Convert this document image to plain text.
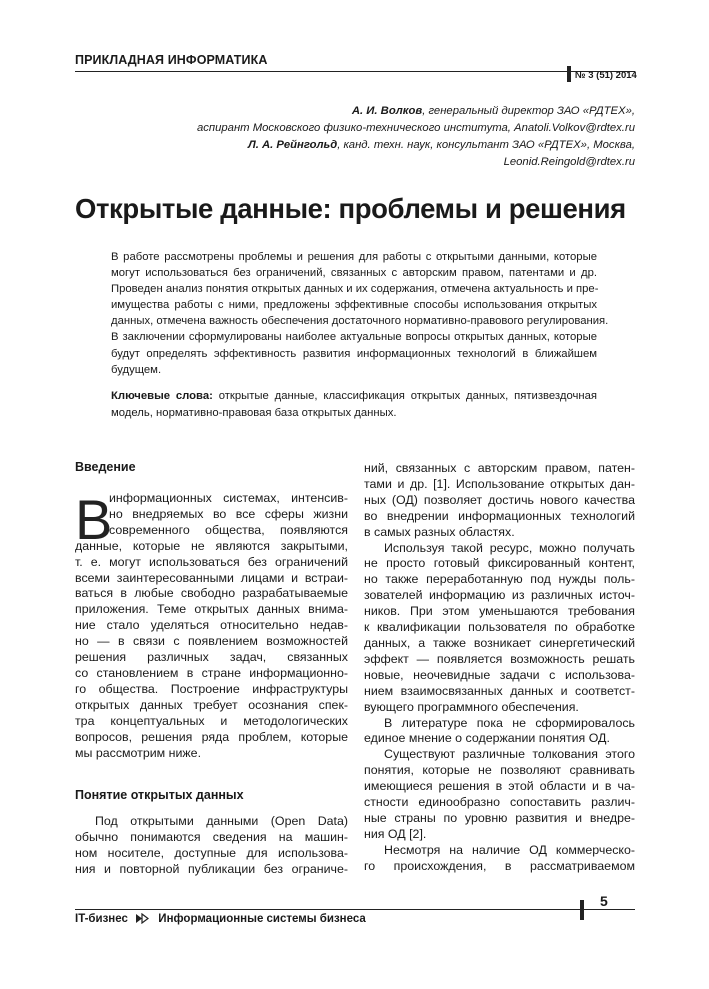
ПРИКЛАДНАЯ ИНФОРМАТИКА
№ 3 (51) 2014
А. И. Волков, генеральный директор ЗАО «РДТЕХ»,
аспирант Московского физико-технического института, Anatoli.Volkov@rdtex.ru
Л. А. Рейнгольд, канд. техн. наук, консультант ЗАО «РДТЕХ», Москва,
Leonid.Reingold@rdtex.ru
Открытые данные: проблемы и решения
В работе рассмотрены проблемы и решения для работы с открытыми данными, которые
могут использоваться без ограничений, связанных с авторским правом, патентами и др.
Проведен анализ понятия открытых данных и их содержания, отмечена актуальность и пре-
имущества работы с ними, предложены эффективные способы использования открытых
данных, отмечена важность обеспечения достаточного нормативно-правового регулирования.
В заключении сформулированы наиболее актуальные вопросы открытых данных, которые
будут определять эффективность развития информационных технологий в ближайшем
будущем.
Ключевые слова: открытые данные, классификация открытых данных, пятизвездочная
модель, нормативно-правовая база открытых данных.
Введение
В
информационных системах, интенсив-
но внедряемых во все сферы жизни
современного общества, появляются
данные, которые не являются закрытыми,
т. е. могут использоваться без ограничений
всеми заинтересованными лицами и встраи-
ваться в любые свободно разрабатываемые
приложения. Теме открытых данных внима-
ние стало уделяться относительно недав-
но — в связи с появлением возможностей
решения различных задач, связанных
со становлением в стране информационно-
го общества. Построение инфраструктуры
открытых данных требует осознания спек-
тра концептуальных и методологических
вопросов, решения ряда проблем, которые
мы рассмотрим ниже.
Понятие открытых данных
Под открытыми данными (Open Data)
обычно понимаются сведения на машин-
ном носителе, доступные для использова-
ния и повторной публикации без ограниче-
ний, связанных с авторским правом, патен-
тами и др. [1]. Использование открытых дан-
ных (ОД) позволяет достичь нового качества
во внедрении информационных технологий
в самых разных областях.
Используя такой ресурс, можно получать
не просто готовый фиксированный контент,
но также переработанную под нужды поль-
зователей информацию из различных источ-
ников. При этом уменьшаются требования
к квалификации пользователя по обработке
данных, а также возникает синергетический
эффект — появляется возможность решать
новые, неочевидные задачи с использова-
нием взаимосвязанных данных и соответст-
вующего программного обеспечения.
В литературе пока не сформировалось
единое мнение о содержании понятия ОД.
Существуют различные толкования этого
понятия, которые не позволяют сравнивать
имеющиеся решения в этой области и в ча-
стности единообразно сопоставить различ-
ные страны по уровню развития и внедре-
ния ОД [2].
Несмотря на наличие ОД коммерческо-
го происхождения, в рассматриваемом
5
IT-бизнес	Информационные системы бизнеса
